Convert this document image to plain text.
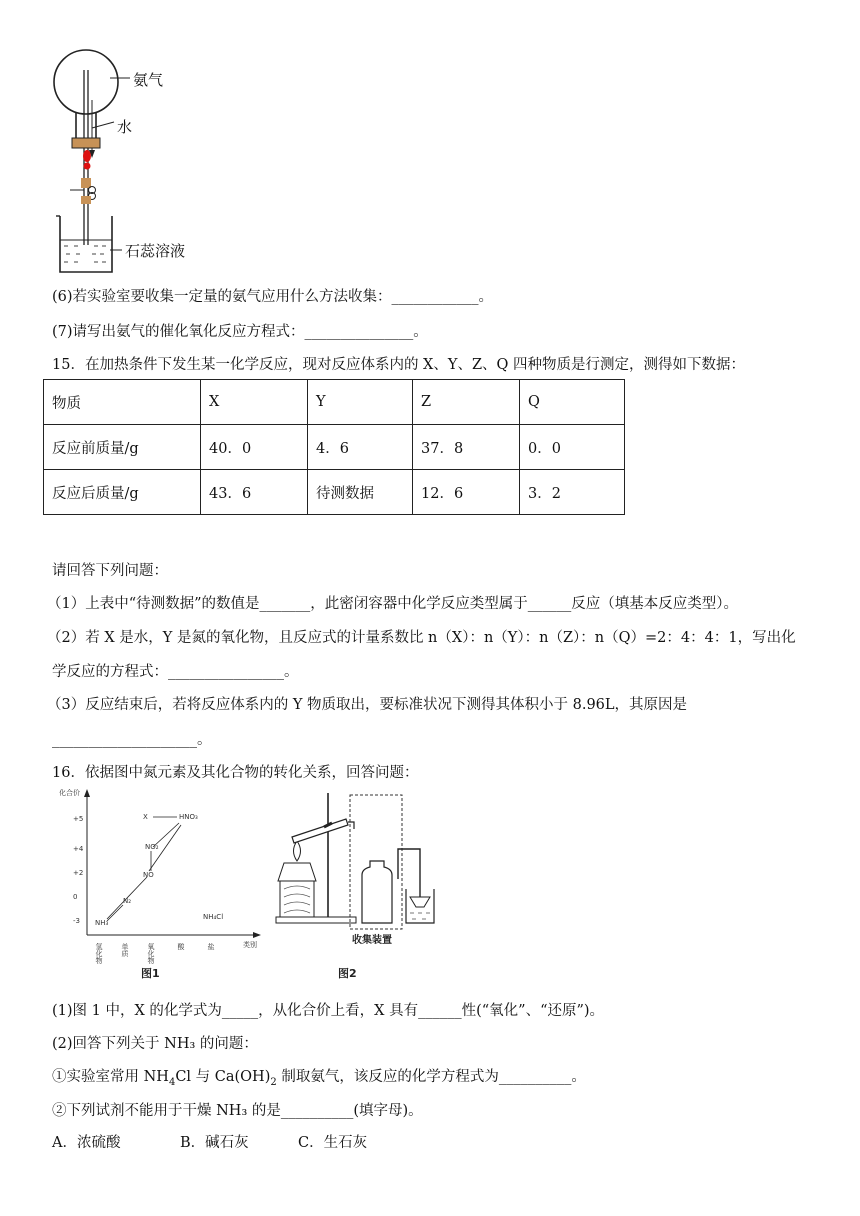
氨气
水
石蕊溶液
(6)若实验室要收集一定量的氨气应用什么方法收集：____________。
(7)请写出氨气的催化氧化反应方程式：_______________。
15．在加热条件下发生某一化学反应，现对反应体系内的 X、Y、Z、Q 四种物质是行测定，测得如下数据：
物质	X	Y	Z	Q
反应前质量/g	40．0	4．6	37．8	0．0
反应后质量/g	43．6	待测数据	12．6	3．2
请回答下列问题：
（1）上表中“待测数据”的数值是_______，此密闭容器中化学反应类型属于______反应（填基本反应类型）。
（2）若 X 是水，Y 是氮的氧化物，且反应式的计量系数比 n（X）：n（Y）：n（Z）：n（Q）=2：4：4：1，写出化
学反应的方程式：________________。
（3）反应结束后，若将反应体系内的 Y 物质取出，要标准状况下测得其体积小于 8.96L，其原因是
____________________。
16．依据图中氮元素及其化合物的转化关系，回答问题：
化合价
+5
+4
+2
0
-3
氢化物	单质	氧化物	酸	盐	类别
X	HNO₃
NO₂
NO
N₂
NH₃
NH₄Cl
图1
收集装置
图2
(1)图 1 中，X 的化学式为_____，从化合价上看，X 具有______性(“氧化”、“还原”)。
(2)回答下列关于 NH₃ 的问题：
①实验室常用 $NH_4Cl$ 与 $Ca(OH)_2$ 制取氨气，该反应的化学方程式为__________。
②下列试剂不能用于干燥 NH₃ 的是__________(填字母)。
A．浓硫酸	B．碱石灰	C．生石灰
